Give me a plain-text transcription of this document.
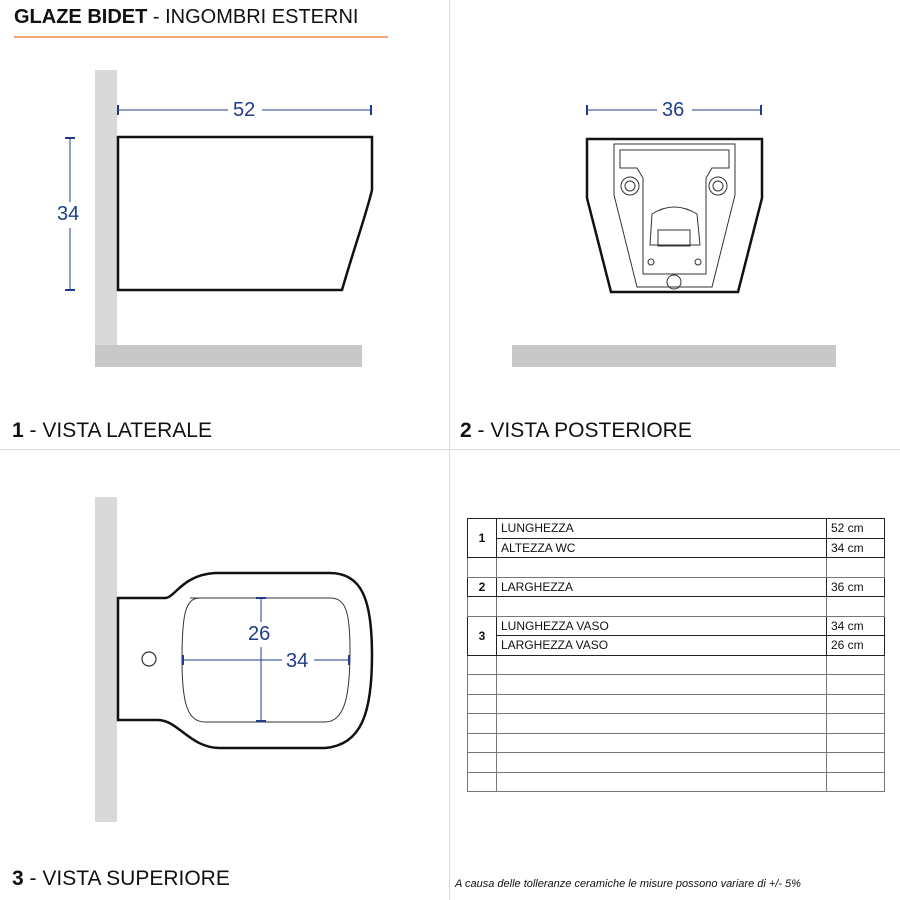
GLAZE BIDET - INGOMBRI ESTERNI
52
34
36
26
34
1 - VISTA LATERALE	2 - VISTA POSTERIORE
3 - VISTA SUPERIORE
1	LUNGHEZZA	52 cm
	ALTEZZA WC	34 cm

2	LARGHEZZA	36 cm

3	LUNGHEZZA VASO	34 cm
	LARGHEZZA VASO	26 cm

A causa delle tolleranze ceramiche le misure possono variare di +/- 5%
